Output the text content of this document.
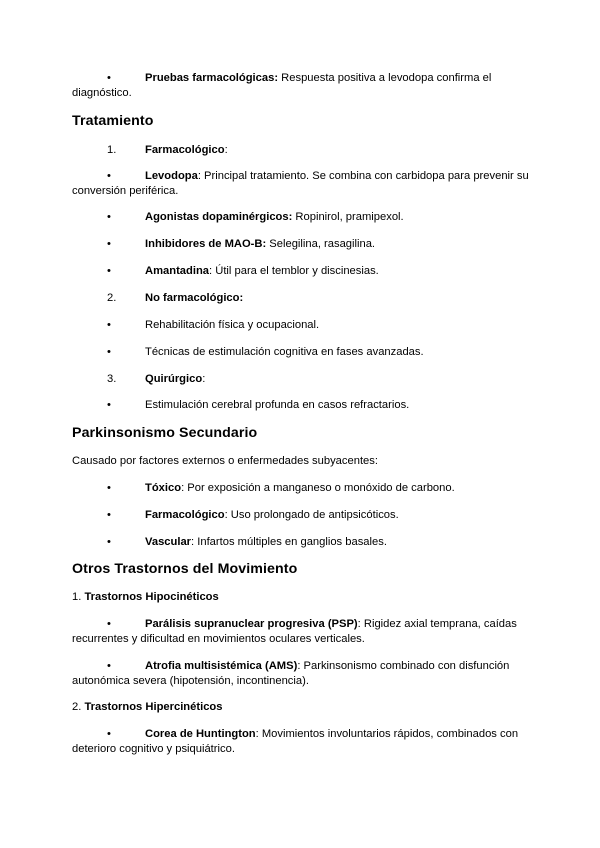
•	Pruebas farmacológicas: Respuesta positiva a levodopa confirma el
diagnóstico.
Tratamiento
1.	Farmacológico:
•	Levodopa: Principal tratamiento. Se combina con carbidopa para prevenir su
conversión periférica.
•	Agonistas dopaminérgicos: Ropinirol, pramipexol.
•	Inhibidores de MAO-B: Selegilina, rasagilina.
•	Amantadina: Útil para el temblor y discinesias.
2.	No farmacológico:
•	Rehabilitación física y ocupacional.
•	Técnicas de estimulación cognitiva en fases avanzadas.
3.	Quirúrgico:
•	Estimulación cerebral profunda en casos refractarios.
Parkinsonismo Secundario
Causado por factores externos o enfermedades subyacentes:
•	Tóxico: Por exposición a manganeso o monóxido de carbono.
•	Farmacológico: Uso prolongado de antipsicóticos.
•	Vascular: Infartos múltiples en ganglios basales.
Otros Trastornos del Movimiento
1. Trastornos Hipocinéticos
•	Parálisis supranuclear progresiva (PSP): Rigidez axial temprana, caídas
recurrentes y dificultad en movimientos oculares verticales.
•	Atrofia multisistémica (AMS): Parkinsonismo combinado con disfunción
autonómica severa (hipotensión, incontinencia).
2. Trastornos Hipercinéticos
•	Corea de Huntington: Movimientos involuntarios rápidos, combinados con
deterioro cognitivo y psiquiátrico.
